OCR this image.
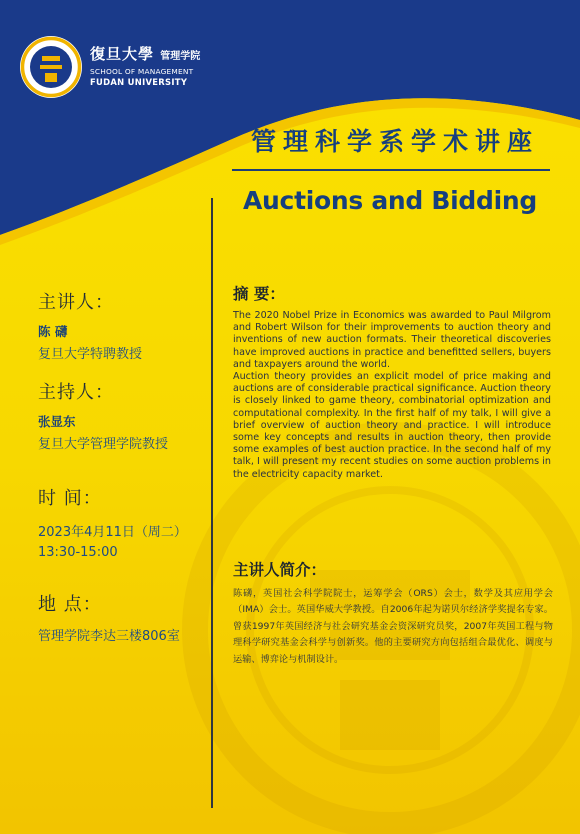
復旦大學 管理学院
SCHOOL OF MANAGEMENT
FUDAN UNIVERSITY
管理科学系学术讲座
Auctions and Bidding
主讲人：
陈 礴
复旦大学特聘教授
主持人：
张显东
复旦大学管理学院教授
时 间：
2023年4月11日（周二）
13:30-15:00
地 点：
管理学院李达三楼806室
摘 要：

The 2020 Nobel Prize in Economics was awarded to Paul Milgrom and Robert Wilson for their improvements to auction theory and inventions of new auction formats. Their theoretical discoveries have improved auctions in practice and benefitted sellers, buyers and taxpayers around the world.

Auction theory provides an explicit model of price making and auctions are of considerable practical significance. Auction theory is closely linked to game theory, combinatorial optimization and computational complexity. In the first half of my talk, I will give a brief overview of auction theory and practice. I will introduce some key concepts and results in auction theory, then provide some examples of best auction practice. In the second half of my talk, I will present my recent studies on some auction problems in the electricity capacity market.

主讲人简介：
陈礴，英国社会科学院院士，运筹学会（ORS）会士，数学及其应用学会（IMA）会士。英国华威大学教授。自2006年起为诺贝尔经济学奖提名专家。曾获1997年英国经济与社会研究基金会资深研究员奖，2007年英国工程与物理科学研究基金会科学与创新奖。他的主要研究方向包括组合最优化、调度与运输、博弈论与机制设计。
